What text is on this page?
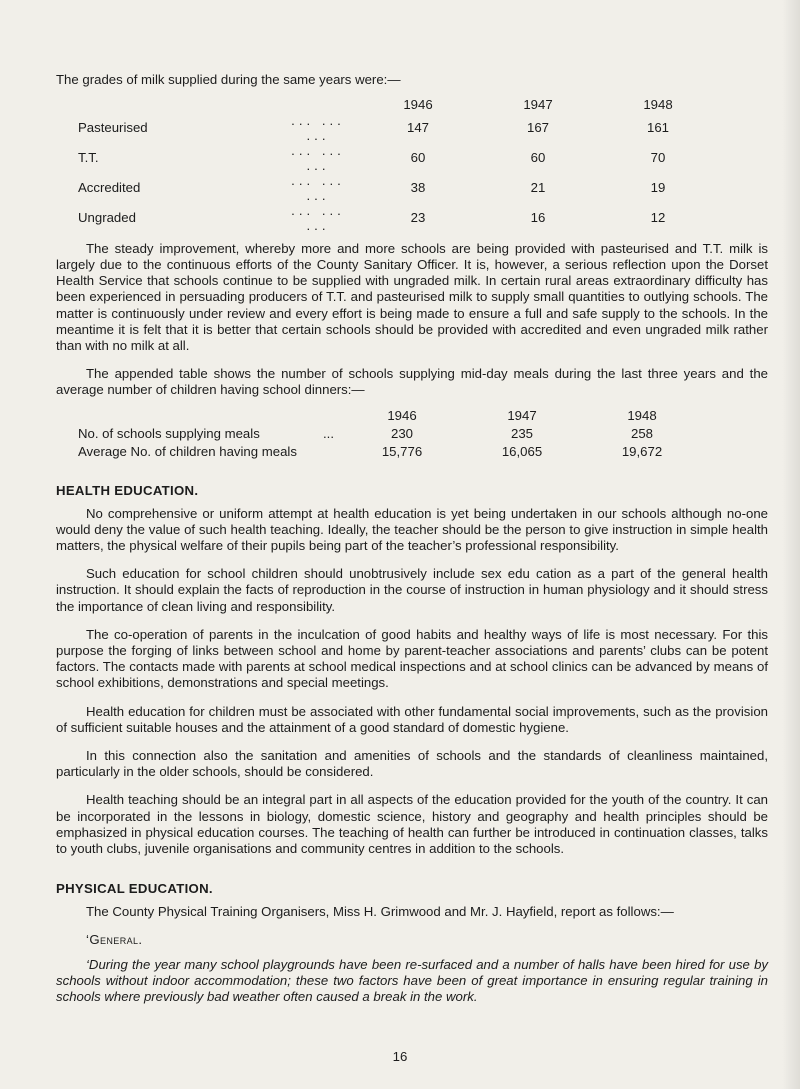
The grades of milk supplied during the same years were:—

		1946	1947	1948
Pasteurised	... ... ...	147	167	161
T.T.	... ... ...	60	60	70
Accredited	... ... ...	38	21	19
Ungraded	... ... ...	23	16	12

The steady improvement, whereby more and more schools are being provided with pasteurised and T.T. milk is largely due to the continuous efforts of the County Sanitary Officer. It is, however, a serious reflection upon the Dorset Health Service that schools continue to be supplied with ungraded milk. In certain rural areas extraordinary difficulty has been experienced in persuading producers of T.T. and pasteurised milk to supply small quantities to outlying schools. The matter is continuously under review and every effort is being made to ensure a full and safe supply to the schools. In the meantime it is felt that it is better that certain schools should be provided with accredited and even ungraded milk rather than with no milk at all.

The appended table shows the number of schools supplying mid-day meals during the last three years and the average number of children having school dinners:—

	1946	1947	1948
No. of schools supplying meals ...	230	235	258
Average No. of children having meals	15,776	16,065	19,672
HEALTH EDUCATION.

No comprehensive or uniform attempt at health education is yet being undertaken in our schools although no-one would deny the value of such health teaching. Ideally, the teacher should be the person to give instruction in simple health matters, the physical welfare of their pupils being part of the teacher’s professional responsibility.

Such education for school children should unobtrusively include sex edu cation as a part of the general health instruction. It should explain the facts of reproduction in the course of instruction in human physiology and it should stress the importance of clean living and responsibility.

The co-operation of parents in the inculcation of good habits and healthy ways of life is most necessary. For this purpose the forging of links between school and home by parent-teacher associations and parents’ clubs can be potent factors. The contacts made with parents at school medical inspections and at school clinics can be advanced by means of school exhibitions, demonstrations and special meetings.

Health education for children must be associated with other fundamental social improvements, such as the provision of sufficient suitable houses and the attainment of a good standard of domestic hygiene.

In this connection also the sanitation and amenities of schools and the standards of cleanliness maintained, particularly in the older schools, should be considered.

Health teaching should be an integral part in all aspects of the education provided for the youth of the country. It can be incorporated in the lessons in biology, domestic science, history and geography and health principles should be emphasized in physical education courses. The teaching of health can further be introduced in continuation classes, talks to youth clubs, juvenile organisations and community centres in addition to the schools.

PHYSICAL EDUCATION.

The County Physical Training Organisers, Miss H. Grimwood and Mr. J. Hayfield, report as follows:—

‘General.

‘During the year many school playgrounds have been re-surfaced and a number of halls have been hired for use by schools without indoor accommodation; these two factors have been of great importance in ensuring regular training in schools where previously bad weather often caused a break in the work.

16
